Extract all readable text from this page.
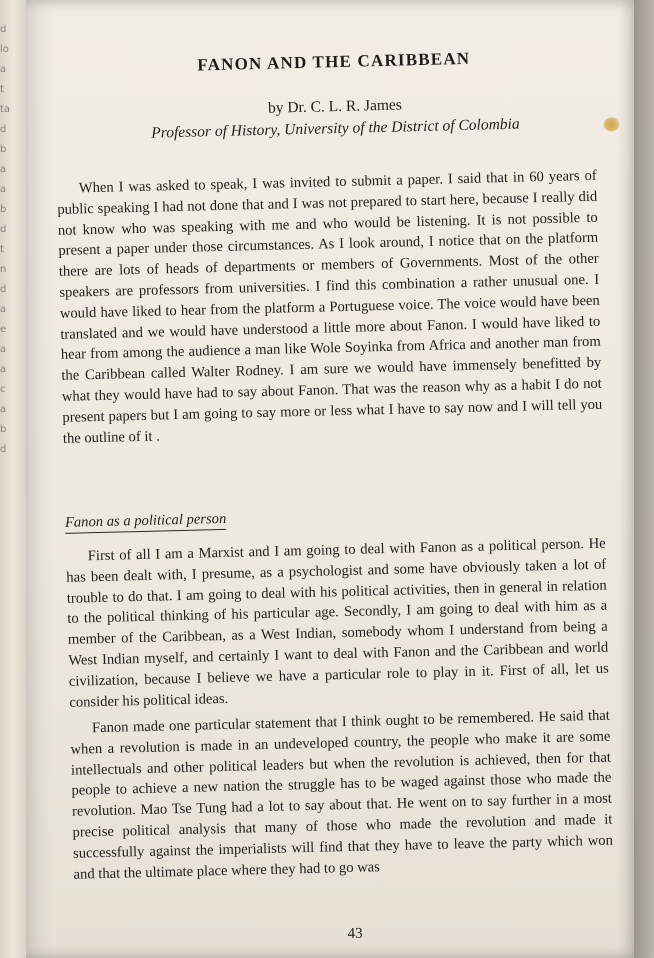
d
lo
a
t
ta
d
b
a
a
b
d
t
n
d
a
e
a
a
c
a
b
d
FANON AND THE CARIBBEAN
by Dr. C. L. R. James
Professor of History, University of the District of Colombia

When I was asked to speak, I was invited to submit a paper. I said that in 60 years of public speaking I had not done that and I was not prepared to start here, because I really did not know who was speaking with me and who would be listening. It is not possible to present a paper under those circumstances. As I look around, I notice that on the platform there are lots of heads of departments or members of Governments. Most of the other speakers are professors from universities. I find this combination a rather unusual one. I would have liked to hear from the platform a Portuguese voice. The voice would have been translated and we would have understood a little more about Fanon. I would have liked to hear from among the audience a man like Wole Soyinka from Africa and another man from the Caribbean called Walter Rodney. I am sure we would have immensely benefitted by what they would have had to say about Fanon. That was the reason why as a habit I do not present papers but I am going to say more or less what I have to say now and I will tell you the outline of it .

Fanon as a political person

First of all I am a Marxist and I am going to deal with Fanon as a political person. He has been dealt with, I presume, as a psychologist and some have obviously taken a lot of trouble to do that. I am going to deal with his political activities, then in general in relation to the political thinking of his particular age. Secondly, I am going to deal with him as a member of the Caribbean, as a West Indian, somebody whom I understand from being a West Indian myself, and certainly I want to deal with Fanon and the Caribbean and world civilization, because I believe we have a particular role to play in it. First of all, let us consider his political ideas.

Fanon made one particular statement that I think ought to be remembered. He said that when a revolution is made in an undeveloped country, the people who make it are some intellectuals and other political leaders but when the revolution is achieved, then for that people to achieve a new nation the struggle has to be waged against those who made the revolution. Mao Tse Tung had a lot to say about that. He went on to say further in a most precise political analysis that many of those who made the revolution and made it successfully against the imperialists will find that they have to leave the party which won and that the ultimate place where they had to go was

43
